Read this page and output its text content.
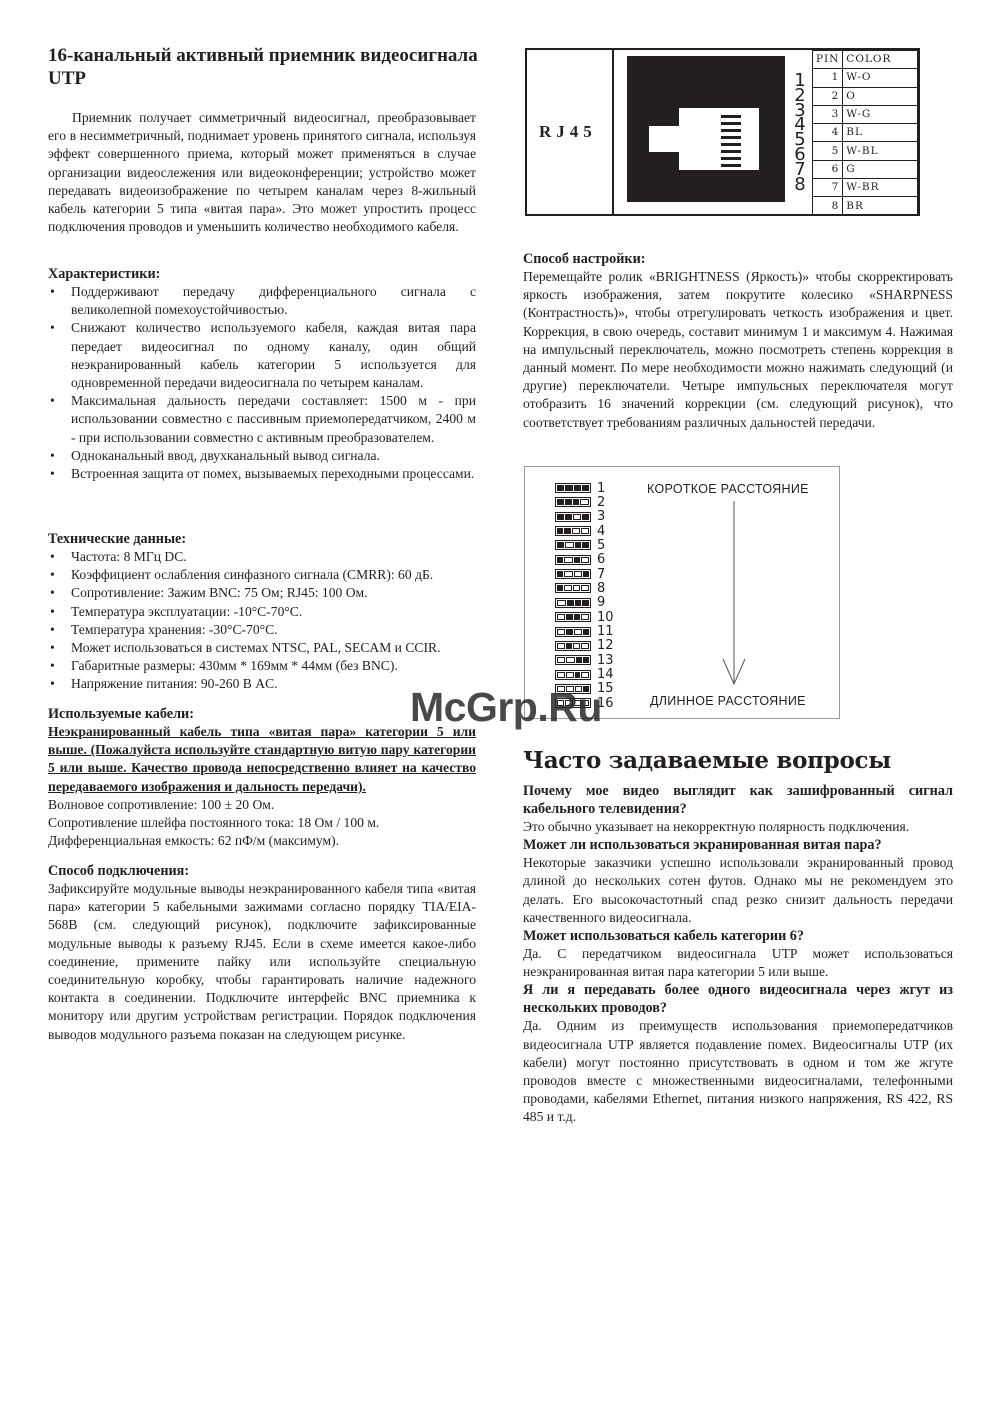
16-канальный активный приемник видеосигнала UTP

Приемник получает симметричный видеосигнал, преобразовывает его в несимметричный, поднимает уровень принятого сигнала, используя эффект совершенного приема, который может применяться в случае организации видеослежения или видеоконференции; устройство может передавать видеоизображение по четырем каналам через 8-жильный кабель категории 5 типа «витая пара». Это может упростить процесс подключения проводов и уменьшить количество необходимого кабеля.

Характеристики:

• Поддерживают передачу дифференциального сигнала с великолепной помехоустойчивостью.
• Снижают количество используемого кабеля, каждая витая пара передает видеосигнал по одному каналу, один общий неэкранированный кабель категории 5 используется для одновременной передачи видеосигнала по четырем каналам.
• Максимальная дальность передачи составляет: 1500 м - при использовании совместно с пассивным приемопередатчиком, 2400 м - при использовании совместно с активным преобразователем.
• Одноканальный ввод, двухканальный вывод сигнала.
• Встроенная защита от помех, вызываемых переходными процессами.

Технические данные:

• Частота: 8 МГц DC.
• Коэффициент ослабления синфазного сигнала (CMRR): 60 дБ.
• Сопротивление: Зажим BNC: 75 Ом; RJ45: 100 Ом.
• Температура эксплуатации: -10°C-70°C.
• Температура хранения: -30°C-70°C.
• Может использоваться в системах NTSC, PAL, SECAM и CCIR.
• Габаритные размеры: 430мм * 169мм * 44мм (без BNC).
• Напряжение питания: 90-260 В AC.

Используемые кабели:

Неэкранированный кабель типа «витая пара» категории 5 или выше. (Пожалуйста используйте стандартную витую пару категории 5 или выше. Качество провода непосредственно влияет на качество передаваемого изображения и дальность передачи).

Волновое сопротивление: 100 ± 20 Ом.

Сопротивление шлейфа постоянного тока: 18 Ом / 100 м.

Дифференциальная емкость: 62 пФ/м (максимум).

Способ подключения:

Зафиксируйте модульные выводы неэкранированного кабеля типа «витая пара» категории 5 кабельными зажимами согласно порядку TIA/EIA-568B (см. следующий рисунок), подключите зафиксированные модульные выводы к разъему RJ45. Если в схеме имеется какое-либо соединение, примените пайку или используйте специальную соединительную коробку, чтобы гарантировать наличие надежного контакта в соединении. Подключите интерфейс BNC приемника к монитору или другим устройствам регистрации. Порядок подключения выводов модульного разъема показан на следующем рисунке.

RJ45
1
2
3
4
5
6
7
8
PIN	COLOR
1	W-O
2	O
3	W-G
4	BL
5	W-BL
6	G
7	W-BR
8	BR

Способ настройки:

Перемещайте ролик «BRIGHTNESS (Яркость)» чтобы скорректировать яркость изображения, затем покрутите колесико «SHARPNESS (Контрастность)», чтобы отрегулировать четкость изображения и цвет. Коррекция, в свою очередь, составит минимум 1 и максимум 4. Нажимая на импульсный переключатель, можно посмотреть степень коррекция в данный момент. По мере необходимости можно нажимать следующий (и другие) переключатели. Четыре импульсных переключателя могут отобразить 16 значений коррекции (см. следующий рисунок), что соответствует требованиям различных дальностей передачи.

1
2
3
4
5
6
7
8
9
10
11
12
13
14
15
16
КОРОТКОЕ РАССТОЯНИЕ
ДЛИННОЕ РАССТОЯНИЕ
Часто задаваемые вопросы

Почему мое видео выглядит как зашифрованный сигнал кабельного телевидения?

Это обычно указывает на некорректную полярность подключения.

Может ли использоваться экранированная витая пара?

Некоторые заказчики успешно использовали экранированный провод длиной до нескольких сотен футов. Однако мы не рекомендуем это делать. Его высокочастотный спад резко снизит дальность передачи качественного видеосигнала.

Может использоваться кабель категории 6?

Да. С передатчиком видеосигнала UTP может использоваться неэкранированная витая пара категории 5 или выше.

Я ли я передавать более одного видеосигнала через жгут из нескольких проводов?

Да. Одним из преимуществ использования приемопередатчиков видеосигнала UTP является подавление помех. Видеосигналы UTP (их кабели) могут постоянно присутствовать в одном и том же жгуте проводов вместе с множественными видеосигналами, телефонными проводами, кабелями Ethernet, питания низкого напряжения, RS 422, RS 485 и т.д.

McGrp.Ru
